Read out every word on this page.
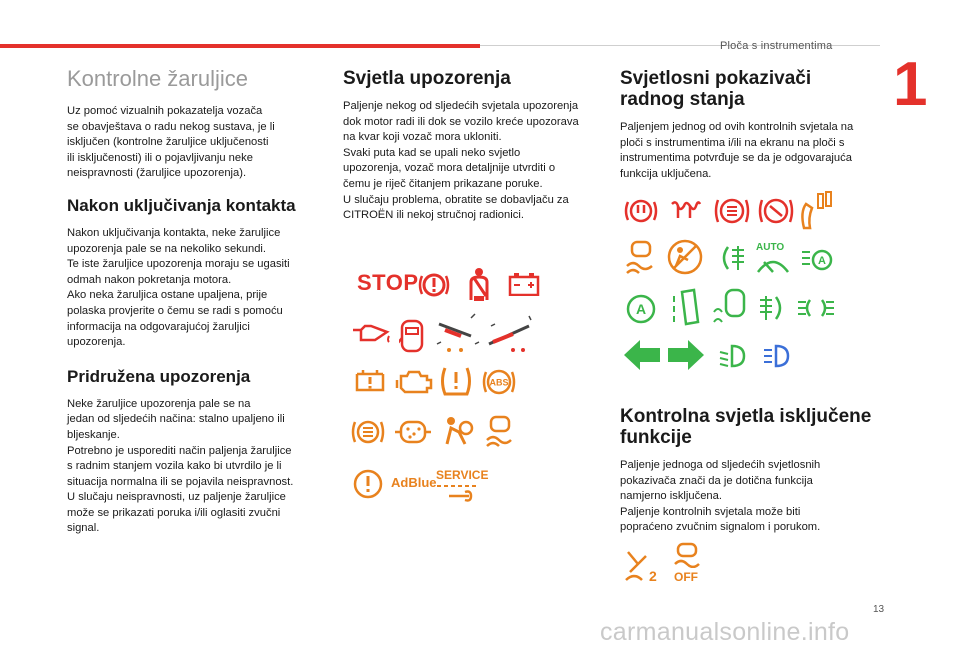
Ploča s instrumentima
1
Kontrolne žaruljice
Uz pomoć vizualnih pokazatelja vozača
se obavještava o radu nekog sustava, je li
isključen (kontrolne žaruljice uključenosti
ili isključenosti) ili o pojavljivanju neke
neispravnosti (žaruljice upozorenja).
Nakon uključivanja kontakta
Nakon uključivanja kontakta, neke žaruljice
upozorenja pale se na nekoliko sekundi.
Te iste žaruljice upozorenja moraju se ugasiti
odmah nakon pokretanja motora.
Ako neka žaruljica ostane upaljena, prije
polaska provjerite o čemu se radi s pomoću
informacija na odgovarajućoj žaruljici
upozorenja.
Pridružena upozorenja
Neke žaruljice upozorenja pale se na
jedan od sljedećih načina: stalno upaljeno ili
bljeskanje.
Potrebno je usporediti način paljenja žaruljice
s radnim stanjem vozila kako bi utvrdilo je li
situacija normalna ili se pojavila neispravnost.
U slučaju neispravnosti, uz paljenje žaruljice
može se prikazati poruka i/ili oglasiti zvučni
signal.
Svjetla upozorenja
Paljenje nekog od sljedećih svjetala upozorenja
dok motor radi ili dok se vozilo kreće upozorava
na kvar koji vozač mora ukloniti.
Svaki puta kad se upali neko svjetlo
upozorenja, vozač mora detaljnije utvrditi o
čemu je riječ čitanjem prikazane poruke.
U slučaju problema, obratite se dobavljaču za
CITROËN ili nekoj stručnoj radionici.
STOP
ABS
AdBlue SERVICE
Svjetlosni pokazivači
radnog stanja
Paljenjem jednog od ovih kontrolnih svjetala na
ploči s instrumentima i/ili na ekranu na ploči s
instrumentima potvrđuje se da je odgovarajuća
funkcija uključena.
AUTO
A
A
Kontrolna svjetla isključene
funkcije
Paljenje jednoga od sljedećih svjetlosnih
pokazivača znači da je dotična funkcija
namjerno isključena.
Paljenje kontrolnih svjetala može biti
popraćeno zvučnim signalom i porukom.
2 OFF
13
carmanualsonline.info
